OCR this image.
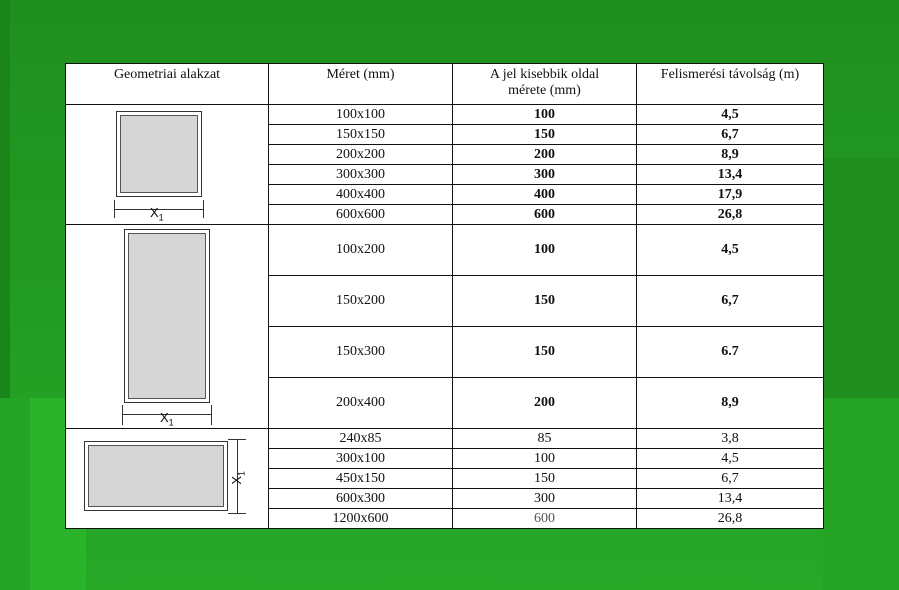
Geometriai alakzat	Méret (mm)	A jel kisebbik oldal
mérete (mm)	Felismerési távolság (m)

$X_1$	100x100	100	4,5
	150x150	150	6,7
	200x200	200	8,9
	300x300	300	13,4
	400x400	400	17,9
	600x600	600	26,8

$X_1$	100x200	100	4,5
	150x200	150	6,7
	150x300	150	6.7
	200x400	200	8,9

$X_1$	240x85	85	3,8
	300x100	100	4,5
	450x150	150	6,7
	600x300	300	13,4
	1200x600	600	26,8
